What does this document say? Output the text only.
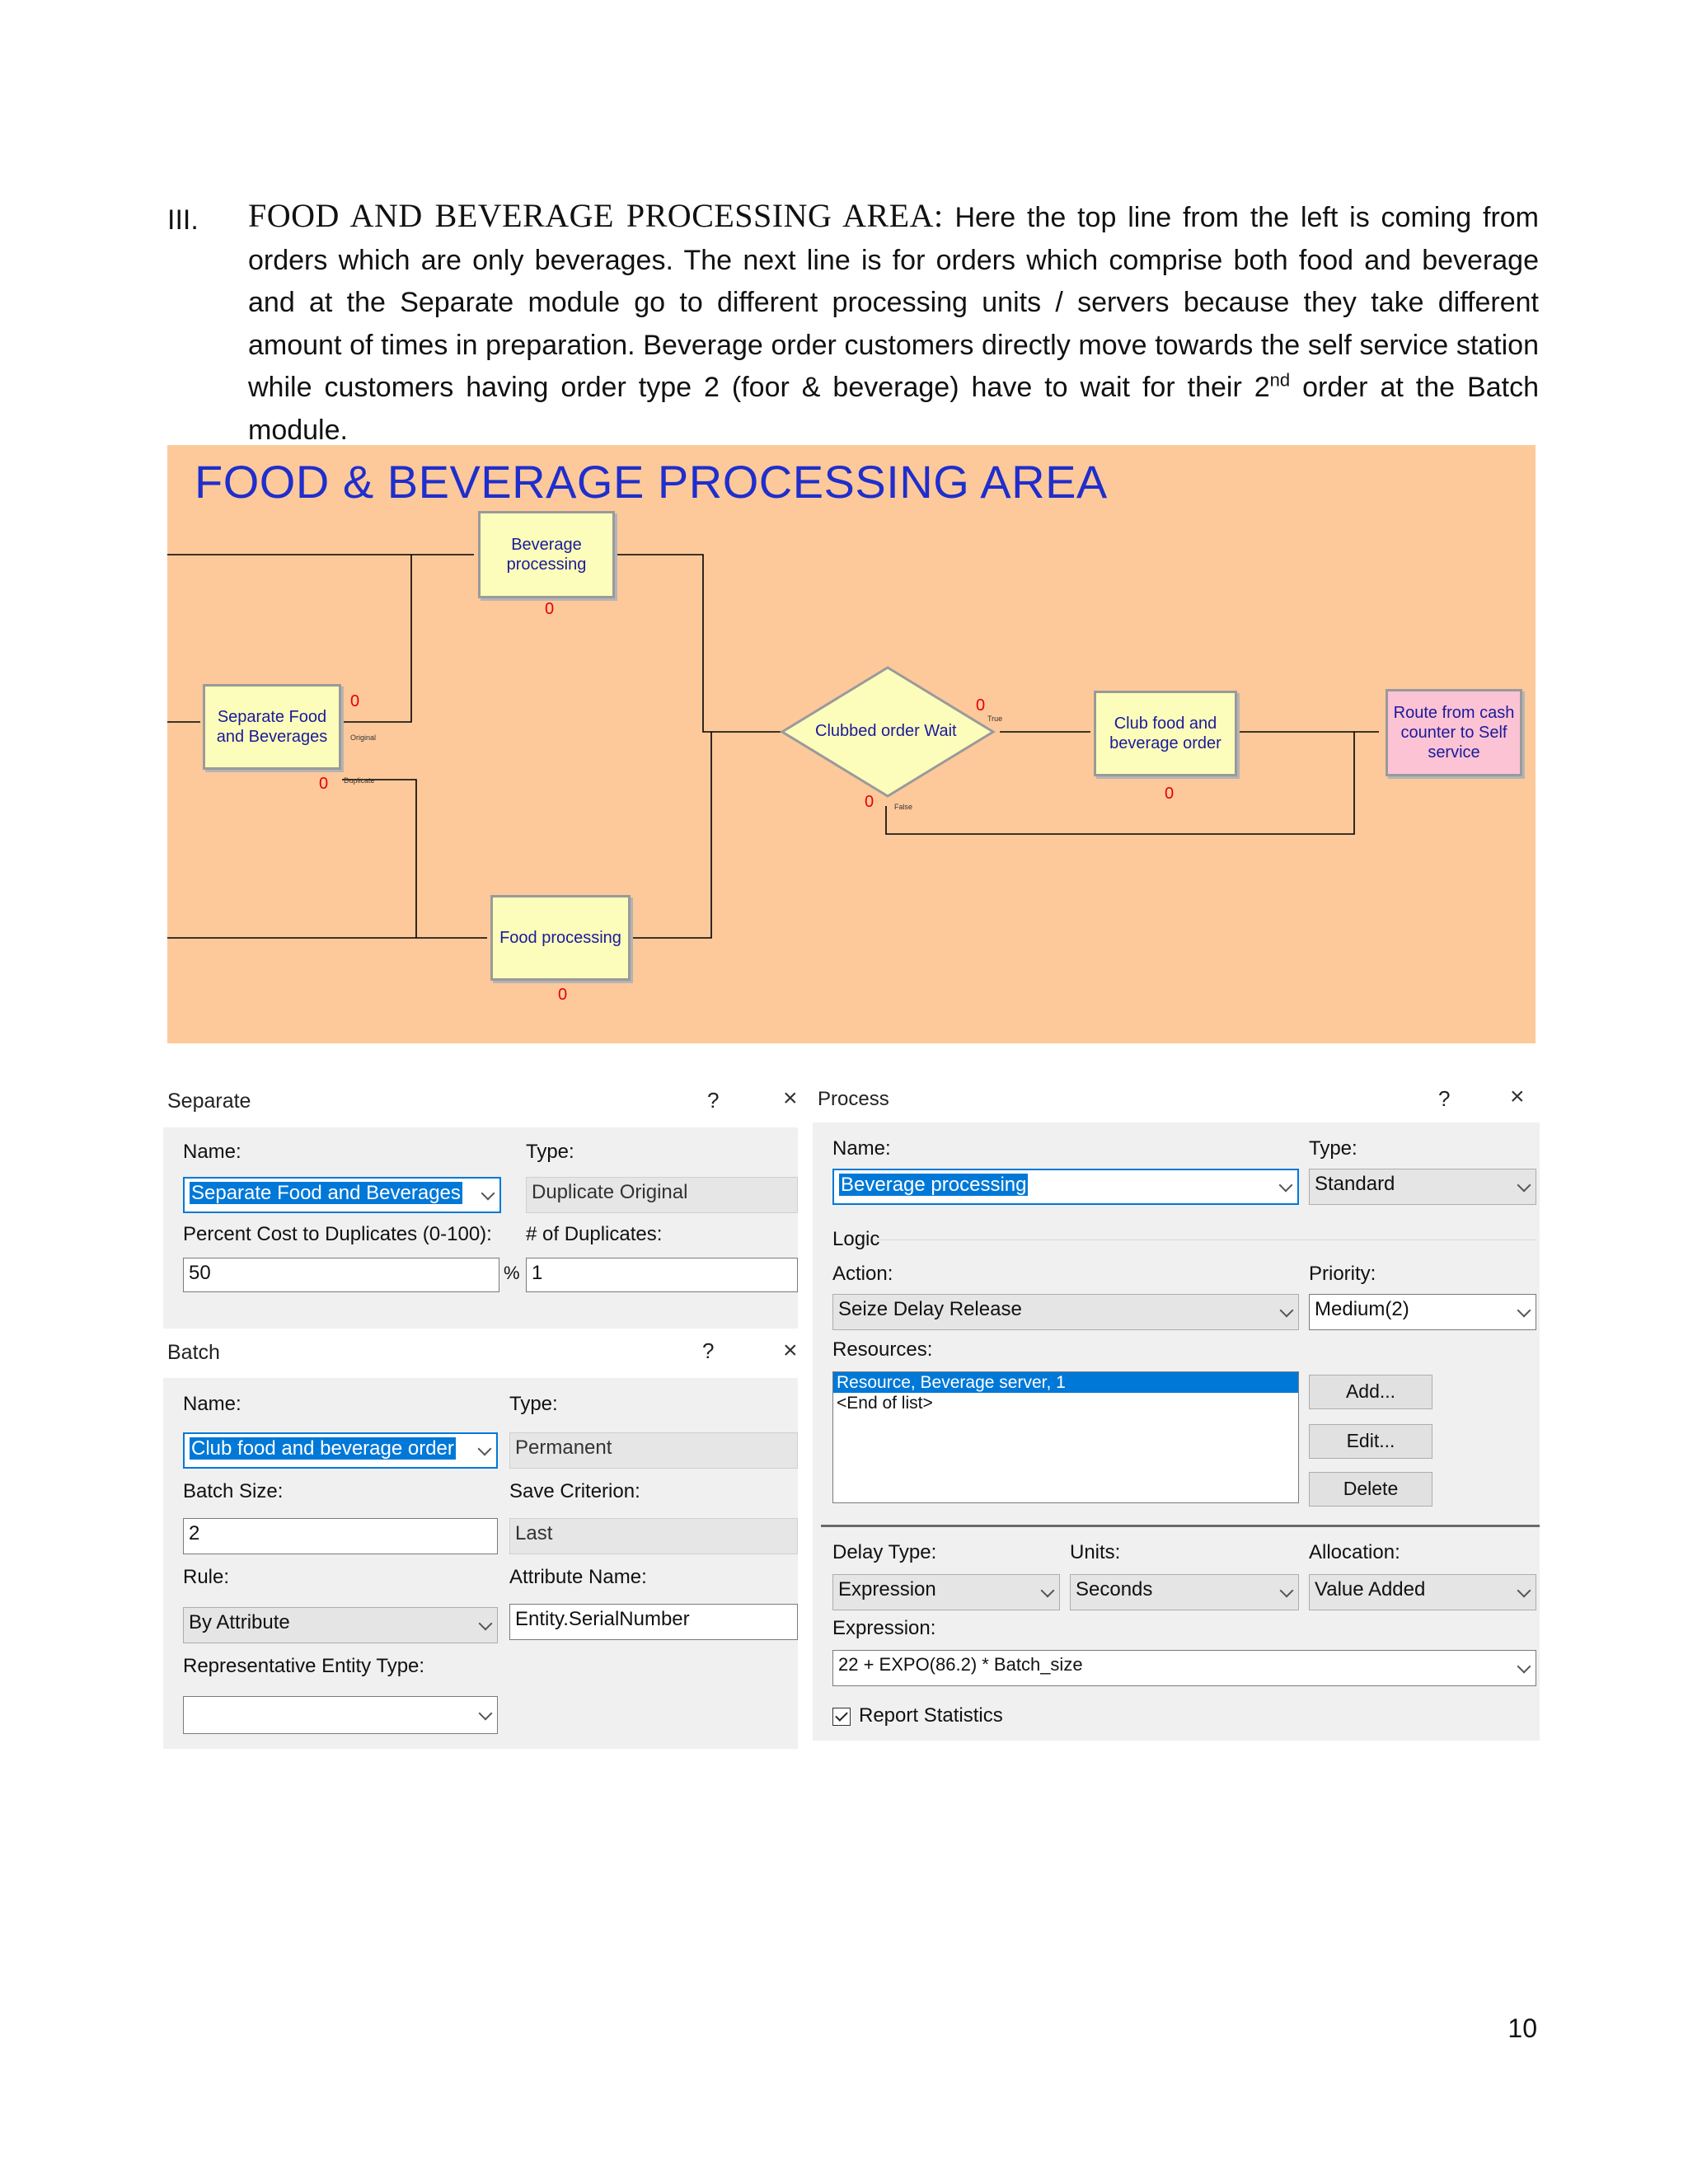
III. FOOD AND BEVERAGE PROCESSING AREA: Here the top line from the left is coming from orders which are only beverages. The next line is for orders which comprise both food and beverage and at the Separate module go to different processing units / servers because they take different amount of times in preparation. Beverage order customers directly move towards the self service station while customers having order type 2 (foor & beverage) have to wait for their 2nd order at the Batch module.
FOOD & BEVERAGE PROCESSING AREA
Beverage
processing
0
Separate Food
and Beverages
0
Original
0 Duplicate
Clubbed order Wait
0
True
0	False
Club food and
beverage order
0
Route from cash
counter to Self
service
Food processing
0
Separate	?	×
Name:	Type:
Separate Food and Beverages	Duplicate Original
Percent Cost to Duplicates (0-100): # of Duplicates:
50	% 1
Batch	?	×
Name:	Type:
Club food and beverage order	Permanent
Batch Size:	Save Criterion:
2	Last
Rule:	Attribute Name:
By Attribute	Entity.SerialNumber
Representative Entity Type:
Process	? ×
Name:	Type:
Beverage processing	Standard
Logic
Action:	Priority:
Seize Delay Release	Medium(2)
Resources:
Resource, Beverage server, 1
<End of list>
Add...
Edit...
Delete
Delay Type:	Units:	Allocation:
Expression	Seconds	Value Added
Expression:
22 + EXPO(86.2) * Batch_size
Report Statistics
10
